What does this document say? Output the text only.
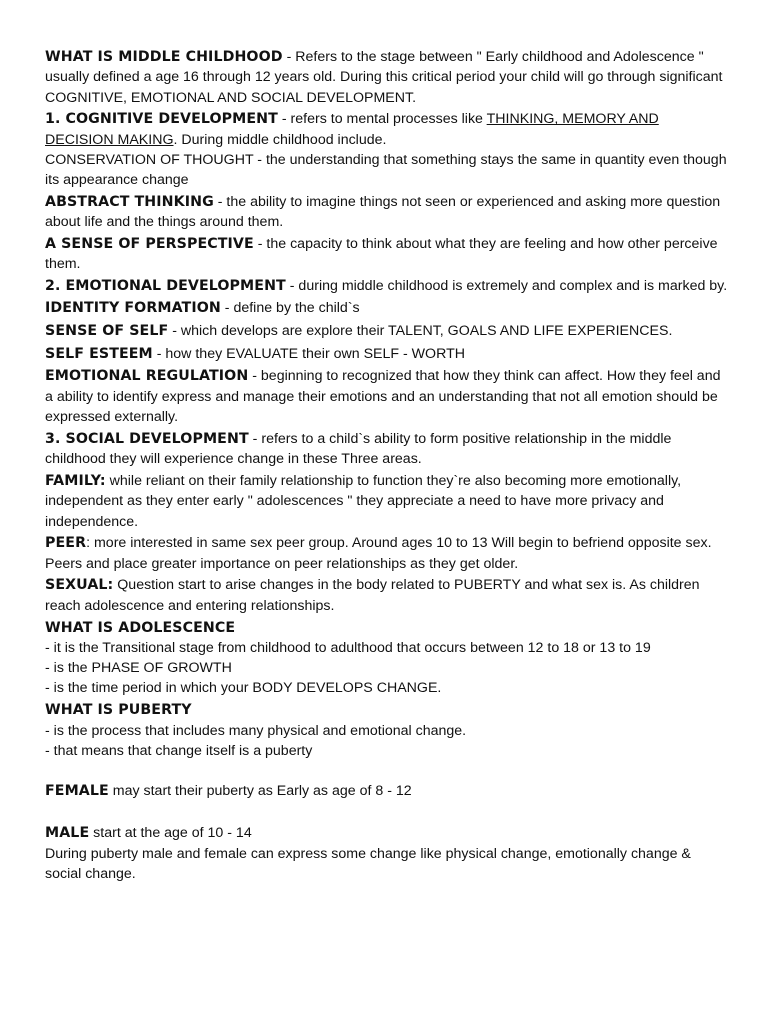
WHAT IS MIDDLE CHILDHOOD - Refers to the stage between " Early childhood and Adolescence " usually defined a age 16 through 12 years old. During this critical period your child will go through significant COGNITIVE, EMOTIONAL AND SOCIAL DEVELOPMENT.

1. COGNITIVE DEVELOPMENT - refers to mental processes like THINKING, MEMORY AND DECISION MAKING. During middle childhood include.

CONSERVATION OF THOUGHT - the understanding that something stays the same in quantity even though its appearance change

ABSTRACT THINKING - the ability to imagine things not seen or experienced and asking more question about life and the things around them.

A SENSE OF PERSPECTIVE - the capacity to think about what they are feeling and how other perceive them.

2. EMOTIONAL DEVELOPMENT - during middle childhood is extremely and complex and is marked by.

IDENTITY FORMATION - define by the child`s

SENSE OF SELF - which develops are explore their TALENT, GOALS AND LIFE EXPERIENCES.

SELF ESTEEM - how they EVALUATE their own SELF - WORTH

EMOTIONAL REGULATION - beginning to recognized that how they think can affect. How they feel and a ability to identify express and manage their emotions and an understanding that not all emotion should be expressed externally.

3. SOCIAL DEVELOPMENT - refers to a child`s ability to form positive relationship in the middle childhood they will experience change in these Three areas.

FAMILY: while reliant on their family relationship to function they`re also becoming more emotionally, independent as they enter early " adolescences " they appreciate a need to have more privacy and independence.

PEER: more interested in same sex peer group. Around ages 10 to 13 Will begin to befriend opposite sex. Peers and place greater importance on peer relationships as they get older.

SEXUAL: Question start to arise changes in the body related to PUBERTY and what sex is. As children reach adolescence and entering relationships.

WHAT IS ADOLESCENCE

- it is the Transitional stage from childhood to adulthood that occurs between 12 to 18 or 13 to 19

- is the PHASE OF GROWTH

- is the time period in which your BODY DEVELOPS CHANGE.

WHAT IS PUBERTY

- is the process that includes many physical and emotional change.

- that means that change itself is a puberty

FEMALE may start their puberty as Early as age of 8 - 12

MALE start at the age of 10 - 14

During puberty male and female can express some change like physical change, emotionally change & social change.
